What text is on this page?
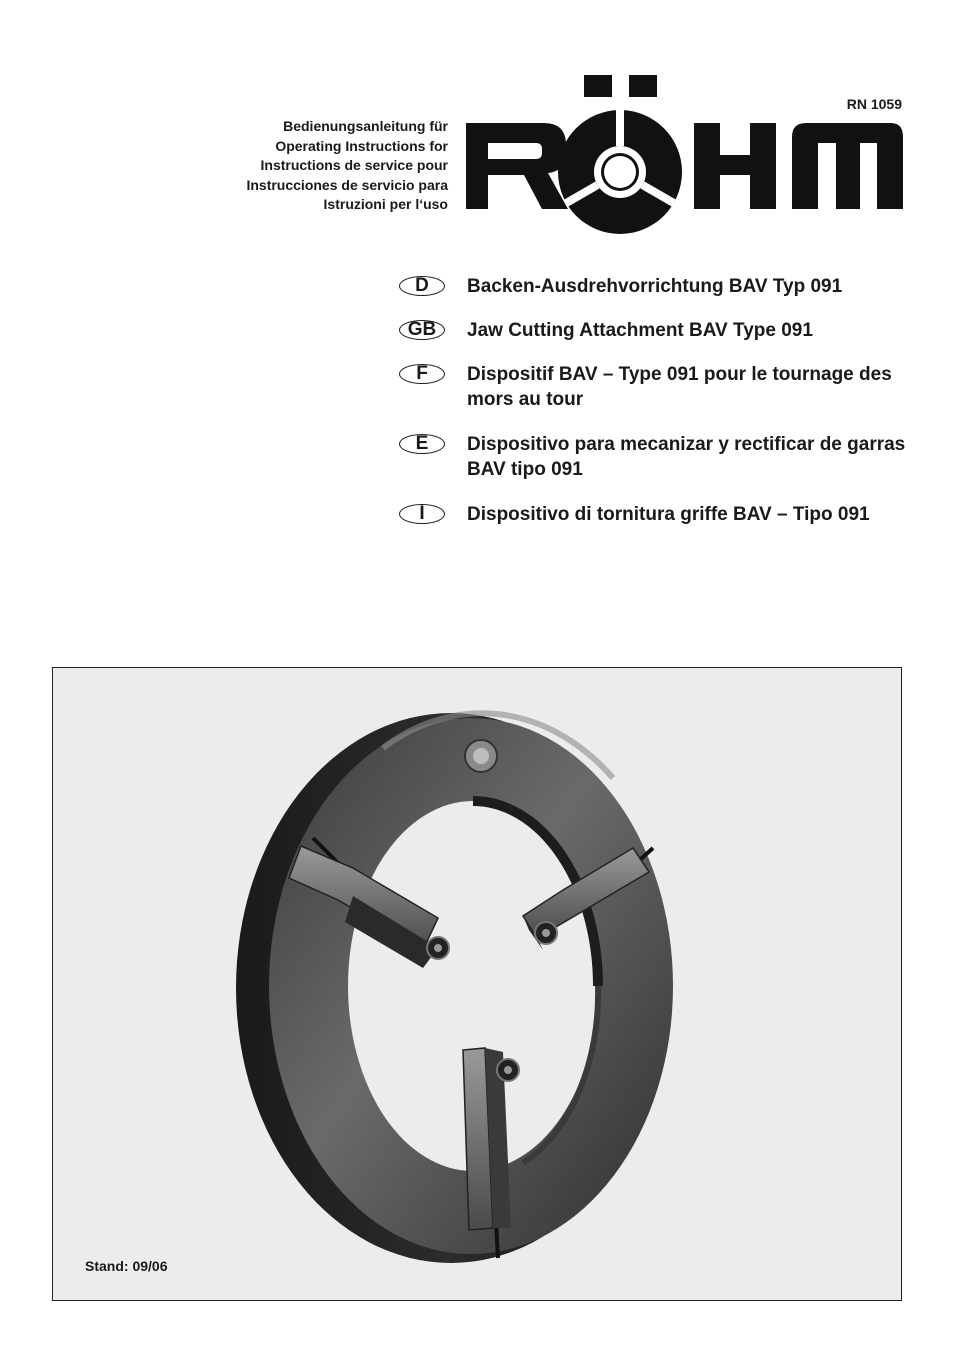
Bedienungsanleitung für
Operating Instructions for
Instructions de service pour
Instrucciones de servicio para
Istruzioni per l‘uso
RN 1059
D	Backen-Ausdrehvorrichtung BAV Typ 091
GB	Jaw Cutting Attachment BAV Type 091
F	Dispositif BAV – Type 091 pour le tournage des mors au tour
E	Dispositivo para mecanizar y rectificar de garras BAV tipo 091
I	Dispositivo di tornitura griffe BAV – Tipo 091
Stand: 09/06
